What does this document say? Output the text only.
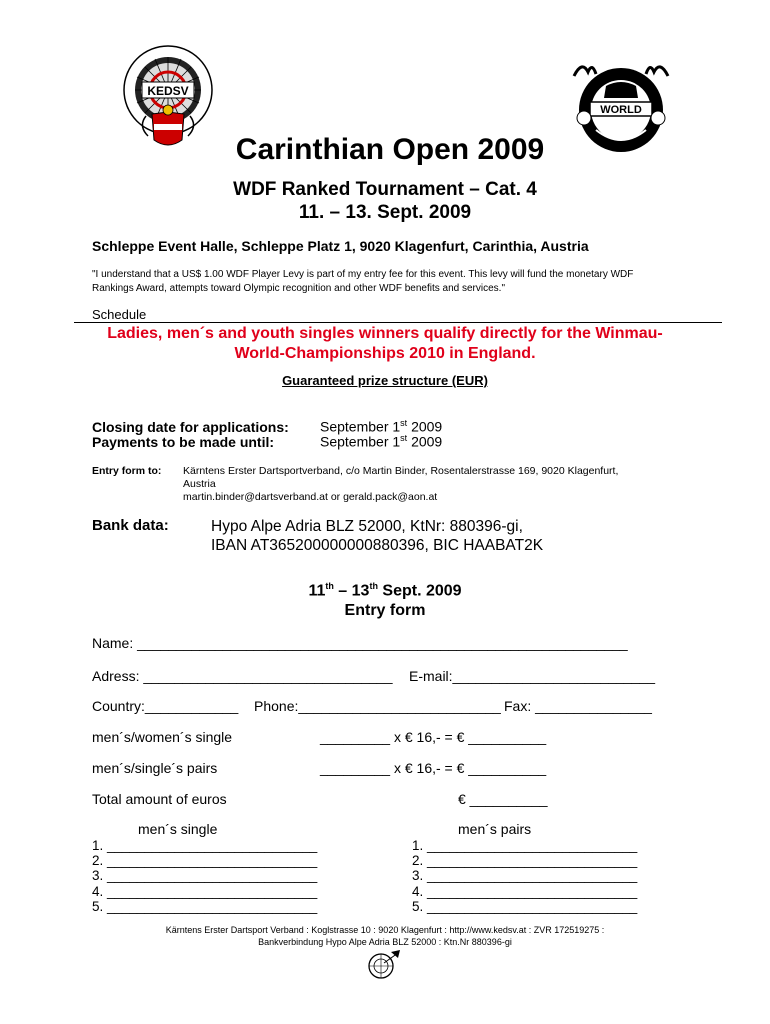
KEDSV
WORLD
Carinthian Open 2009
WDF Ranked Tournament – Cat. 4
11. – 13. Sept. 2009
Schleppe Event Halle, Schleppe Platz 1, 9020 Klagenfurt, Carinthia, Austria
"I understand that a US$ 1.00 WDF Player Levy is part of my entry fee for this event. This levy will fund the monetary WDF Rankings Award, attempts toward Olympic recognition and other WDF benefits and services."
Schedule
Ladies, men´s and youth singles winners qualify directly for the Winmau-
World-Championships 2010 in England.
Guaranteed prize structure (EUR)
Closing date for applications: September 1st 2009
Payments to be made until:	September 1st 2009
Entry form to: Kärntens Erster Dartsportverband, c/o Martin Binder, Rosentalerstrasse 169, 9020 Klagenfurt,
Austria
martin.binder@dartsverband.at or gerald.pack@aon.at
Bank data:	Hypo Alpe Adria BLZ 52000, KtNr: 880396-gi,
IBAN AT365200000000880396, BIC HAABAT2K
11th – 13th Sept. 2009
Entry form
Name: _______________________________________________________________
Adress: ________________________________ E-mail:__________________________
Country:____________ Phone:__________________________ Fax: _______________
men´s/women´s single	_________ x € 16,- = € __________
men´s/single´s pairs	_________ x € 16,- = € __________
Total amount of euros	€ __________
men´s single	men´s pairs
1. ____________________________
2. ____________________________
3. ____________________________
4. ____________________________
5. ____________________________
1. ____________________________
2. ____________________________
3. ____________________________
4. ____________________________
5. ____________________________
Kärntens Erster Dartsport Verband : Koglstrasse 10 : 9020 Klagenfurt : http://www.kedsv.at : ZVR 172519275 :
Bankverbindung Hypo Alpe Adria BLZ 52000 : Ktn.Nr 880396-gi
